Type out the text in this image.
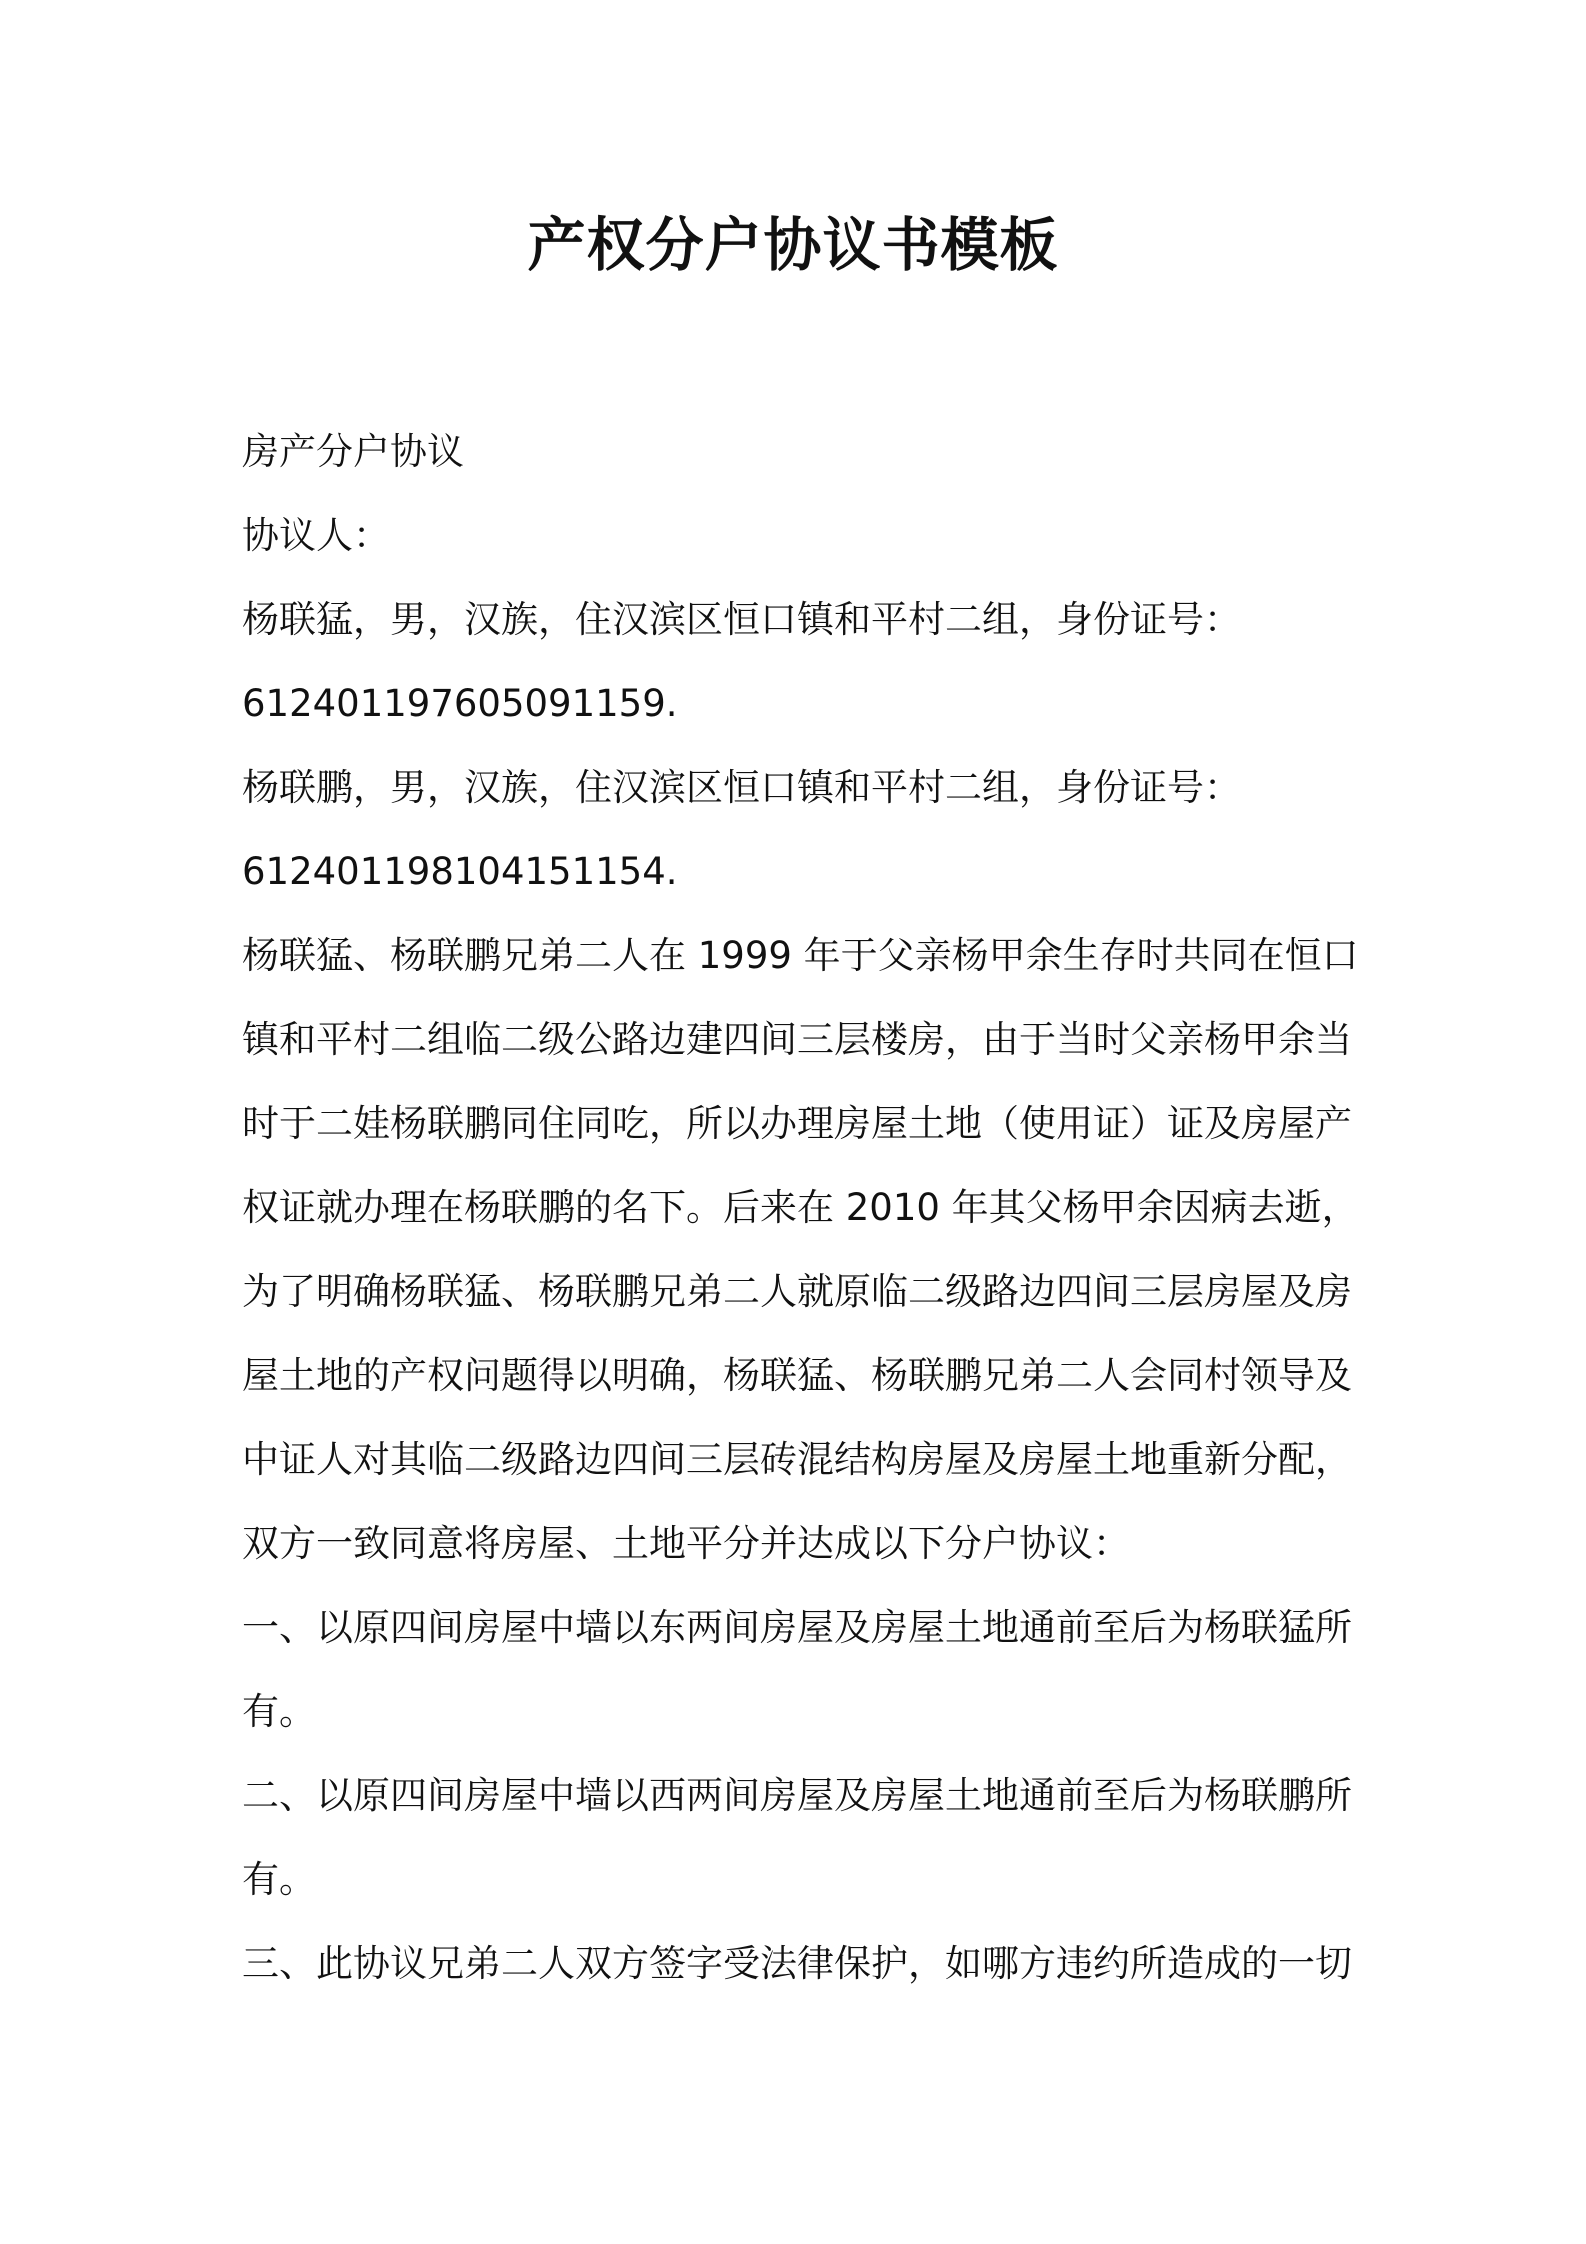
产权分户协议书模板

房产分户协议

协议人：

杨联猛，男，汉族，住汉滨区恒口镇和平村二组，身份证号：

612401197605091159.

杨联鹏，男，汉族，住汉滨区恒口镇和平村二组，身份证号：

612401198104151154.

杨联猛、杨联鹏兄弟二人在 1999 年于父亲杨甲余生存时共同在恒口

镇和平村二组临二级公路边建四间三层楼房，由于当时父亲杨甲余当

时于二娃杨联鹏同住同吃，所以办理房屋土地（使用证）证及房屋产

权证就办理在杨联鹏的名下。后来在 2010 年其父杨甲余因病去逝，

为了明确杨联猛、杨联鹏兄弟二人就原临二级路边四间三层房屋及房

屋土地的产权问题得以明确，杨联猛、杨联鹏兄弟二人会同村领导及

中证人对其临二级路边四间三层砖混结构房屋及房屋土地重新分配，

双方一致同意将房屋、土地平分并达成以下分户协议：

一、以原四间房屋中墙以东两间房屋及房屋土地通前至后为杨联猛所

有。

二、以原四间房屋中墙以西两间房屋及房屋土地通前至后为杨联鹏所

有。

三、此协议兄弟二人双方签字受法律保护，如哪方违约所造成的一切
